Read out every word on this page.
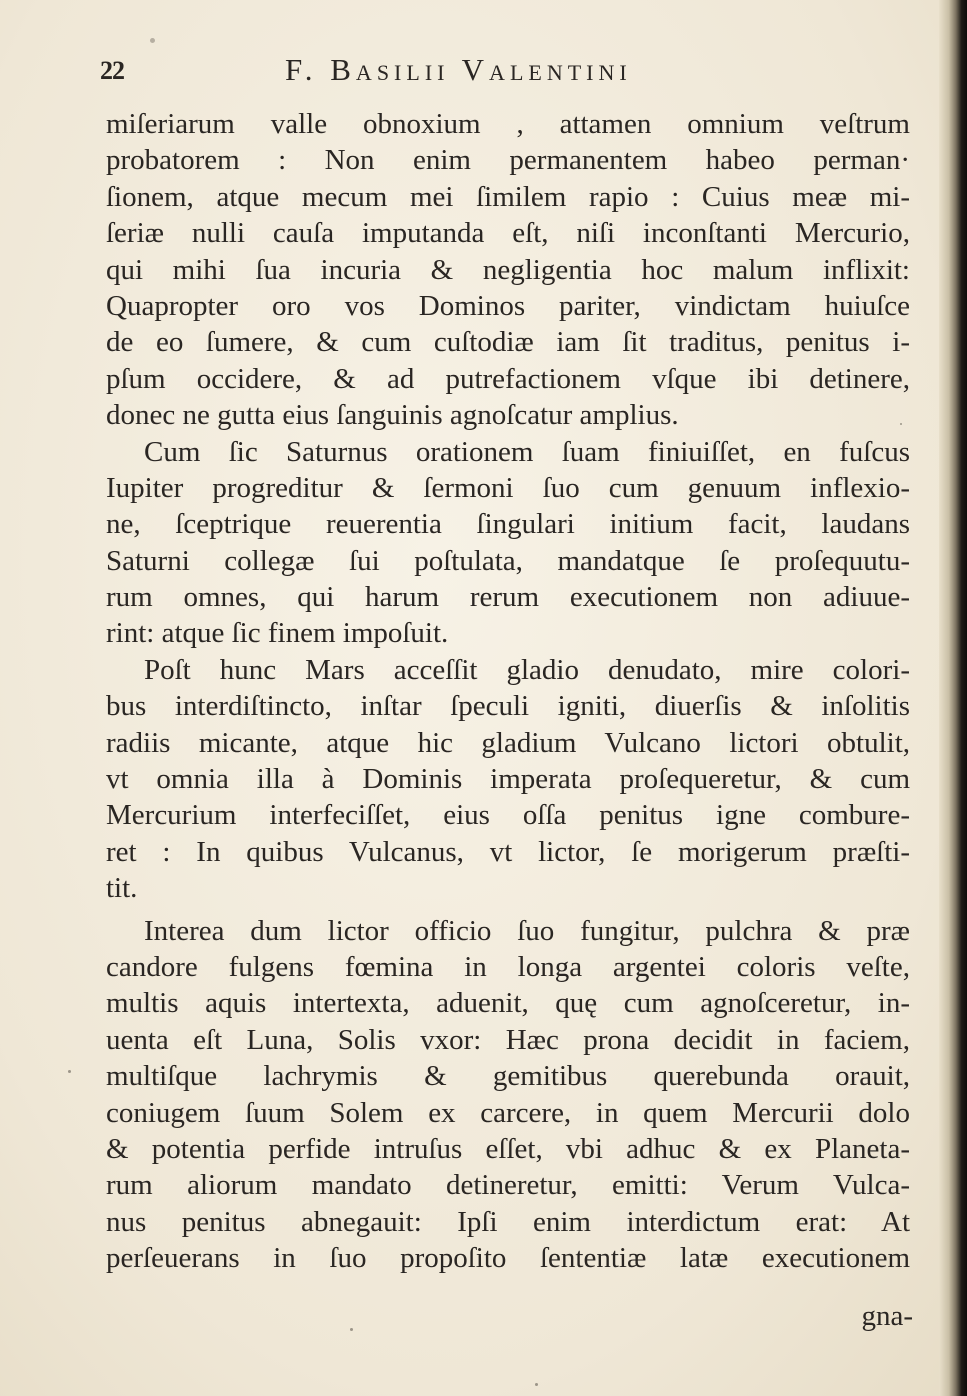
22	F. Basilii Valentini
miſeriarum valle obnoxium , attamen omnium veſtrum
probatorem : Non enim permanentem habeo perman·
ſionem, atque mecum mei ſimilem rapio : Cuius meæ mi-
ſeriæ nulli cauſa imputanda eſt, niſi inconſtanti Mercurio,
qui mihi ſua incuria & negligentia hoc malum inflixit:
Quapropter oro vos Dominos pariter, vindictam huiuſce
de eo ſumere, & cum cuſtodiæ iam ſit traditus, penitus i-
pſum occidere, & ad putrefactionem vſque ibi detinere,
donec ne gutta eius ſanguinis agnoſcatur amplius.
Cum ſic Saturnus orationem ſuam finiuiſſet, en fuſcus
Iupiter progreditur & ſermoni ſuo cum genuum inflexio-
ne, ſceptrique reuerentia ſingulari initium facit, laudans
Saturni collegæ ſui poſtulata, mandatque ſe proſequutu-
rum omnes, qui harum rerum executionem non adiuue-
rint: atque ſic finem impoſuit.
Poſt hunc Mars acceſſit gladio denudato, mire colori-
bus interdiſtincto, inſtar ſpeculi igniti, diuerſis & inſolitis
radiis micante, atque hic gladium Vulcano lictori obtulit,
vt omnia illa à Dominis imperata proſequeretur, & cum
Mercurium interfeciſſet, eius oſſa penitus igne combure-
ret : In quibus Vulcanus, vt lictor, ſe morigerum præſti-
tit.
Interea dum lictor officio ſuo fungitur, pulchra & præ
candore fulgens fœmina in longa argentei coloris veſte,
multis aquis intertexta, aduenit, quę cum agnoſceretur, in-
uenta eſt Luna, Solis vxor: Hæc prona decidit in faciem,
multiſque lachrymis & gemitibus querebunda orauit,
coniugem ſuum Solem ex carcere, in quem Mercurii dolo
& potentia perfide intruſus eſſet, vbi adhuc & ex Planeta-
rum aliorum mandato detineretur, emitti: Verum Vulca-
nus penitus abnegauit: Ipſi enim interdictum erat: At
perſeuerans in ſuo propoſito ſententiæ latæ executionem
gna-
